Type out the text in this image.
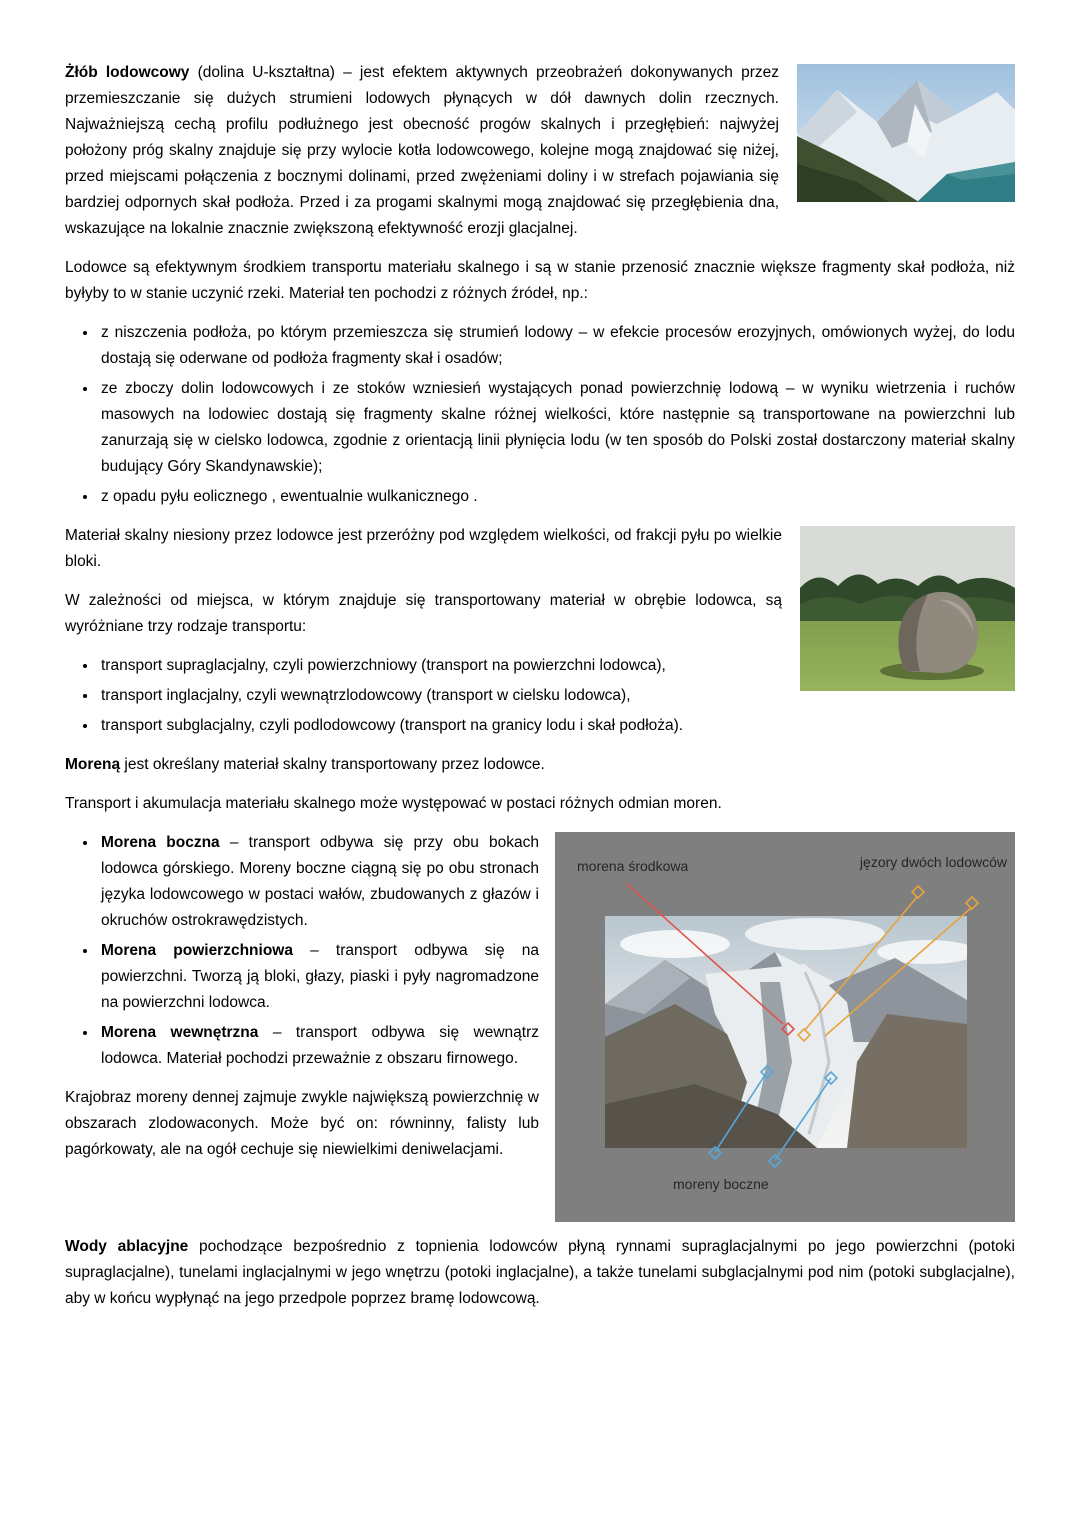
Żłób lodowcowy (dolina U-kształtna) – jest efektem aktywnych przeobrażeń dokonywanych przez przemieszczanie się dużych strumieni lodowych płynących w dół dawnych dolin rzecznych. Najważniejszą cechą profilu podłużnego jest obecność progów skalnych i przegłębień: najwyżej położony próg skalny znajduje się przy wylocie kotła lodowcowego, kolejne mogą znajdować się niżej, przed miejscami połączenia z bocznymi dolinami, przed zwężeniami doliny i w strefach pojawiania się bardziej odpornych skał podłoża. Przed i za progami skalnymi mogą znajdować się przegłębienia dna, wskazujące na lokalnie znacznie zwiększoną efektywność erozji glacjalnej.

Lodowce są efektywnym środkiem transportu materiału skalnego i są w stanie przenosić znacznie większe fragmenty skał podłoża, niż byłyby to w stanie uczynić rzeki. Materiał ten pochodzi z różnych źródeł, np.:

• z niszczenia podłoża, po którym przemieszcza się strumień lodowy – w efekcie procesów erozyjnych, omówionych wyżej, do lodu dostają się oderwane od podłoża fragmenty skał i osadów;
• ze zboczy dolin lodowcowych i ze stoków wzniesień wystających ponad powierzchnię lodową – w wyniku wietrzenia i ruchów masowych na lodowiec dostają się fragmenty skalne różnej wielkości, które następnie są transportowane na powierzchni lub zanurzają się w cielsko lodowca, zgodnie z orientacją linii płynięcia lodu (w ten sposób do Polski został dostarczony materiał skalny budujący Góry Skandynawskie);
• z opadu pyłu eolicznego , ewentualnie wulkanicznego .

Materiał skalny niesiony przez lodowce jest przeróżny pod względem wielkości, od frakcji pyłu po wielkie bloki.

W zależności od miejsca, w którym znajduje się transportowany materiał w obrębie lodowca, są wyróżniane trzy rodzaje transportu:

• transport supraglacjalny, czyli powierzchniowy (transport na powierzchni lodowca),
• transport inglacjalny, czyli wewnątrzlodowcowy (transport w cielsku lodowca),
• transport subglacjalny, czyli podlodowcowy (transport na granicy lodu i skał podłoża).

Moreną jest określany materiał skalny transportowany przez lodowce.

Transport i akumulacja materiału skalnego może występować w postaci różnych odmian moren.

morena środkowa	jęzory dwóch lodowców
moreny boczne
• Morena boczna – transport odbywa się przy obu bokach lodowca górskiego. Moreny boczne ciągną się po obu stronach języka lodowcowego w postaci wałów, zbudowanych z głazów i okruchów ostrokrawędzistych.
• Morena powierzchniowa – transport odbywa się na powierzchni. Tworzą ją bloki, głazy, piaski i pyły nagromadzone na powierzchni lodowca.
• Morena wewnętrzna – transport odbywa się wewnątrz lodowca. Materiał pochodzi przeważnie z obszaru firnowego.

Krajobraz moreny dennej zajmuje zwykle największą powierzchnię w obszarach zlodowaconych. Może być on: równinny, falisty lub pagórkowaty, ale na ogół cechuje się niewielkimi deniwelacjami.

Wody ablacyjne pochodzące bezpośrednio z topnienia lodowców płyną rynnami supraglacjalnymi po jego powierzchni (potoki supraglacjalne), tunelami inglacjalnymi w jego wnętrzu (potoki inglacjalne), a także tunelami subglacjalnymi pod nim (potoki subglacjalne), aby w końcu wypłynąć na jego przedpole poprzez bramę lodowcową.
